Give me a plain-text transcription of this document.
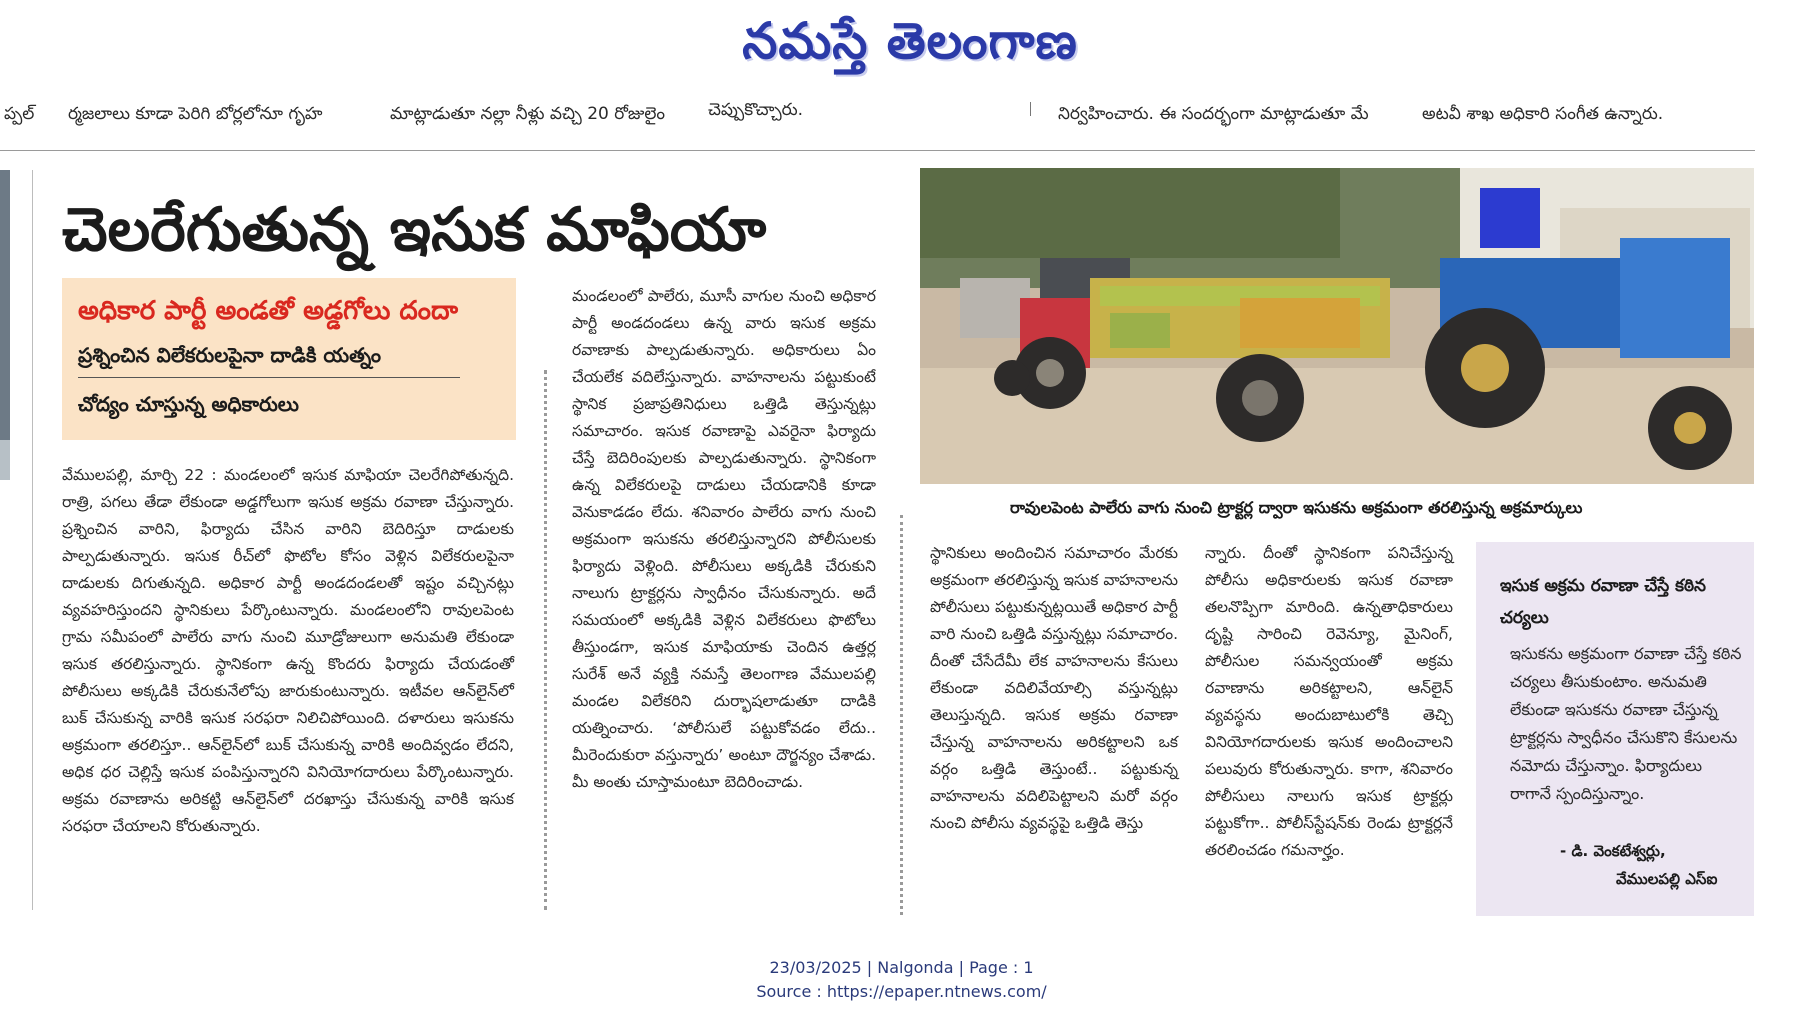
నమస్తే తెలంగాణ
ప్పల్ ర్మజలాలు కూడా పెరిగి బోర్లలోనూ గృహ	మాట్లాడుతూ నల్లా నీళ్లు వచ్చి 20 రోజులైం	చెప్పుకొచ్చారు.	నిర్వహించారు. ఈ సందర్భంగా మాట్లాడుతూ మే	అటవీ శాఖ అధికారి సంగీత ఉన్నారు.
చెలరేగుతున్న ఇసుక మాఫియా
అధికార పార్టీ అండతో అడ్డగోలు దందా
ప్రశ్నించిన విలేకరులపైనా దాడికి యత్నం
చోద్యం చూస్తున్న అధికారులు

వేములపల్లి, మార్చి 22 : మండలంలో ఇసుక మాఫియా చెలరేగిపోతున్నది. రాత్రి, పగలు తేడా లేకుండా అడ్డగోలుగా ఇసుక అక్రమ రవాణా చేస్తున్నారు. ప్రశ్నించిన వారిని, ఫిర్యాదు చేసిన వారిని బెదిరిస్తూ దాడులకు పాల్పడుతున్నారు. ఇసుక రీచ్‌లో ఫొటోల కోసం వెళ్లిన విలేకరులపైనా దాడులకు దిగుతున్నది. అధికార పార్టీ అండదండలతో ఇష్టం వచ్చినట్లు వ్యవహరిస్తుందని స్థానికులు పేర్కొంటున్నారు. మండలంలోని రావులపెంట గ్రామ సమీపంలో పాలేరు వాగు నుంచి మూడ్రోజులుగా అనుమతి లేకుండా ఇసుక తరలిస్తున్నారు. స్థానికంగా ఉన్న కొందరు ఫిర్యాదు చేయడంతో పోలీసులు అక్కడికి చేరుకునేలోపు జారుకుంటున్నారు. ఇటీవల ఆన్‌లైన్‌లో బుక్ చేసుకున్న వారికి ఇసుక సరఫరా నిలిచిపోయింది. దళారులు ఇసుకను అక్రమంగా తరలిస్తూ.. ఆన్‌లైన్‌లో బుక్ చేసుకున్న వారికి అందివ్వడం లేదని, అధిక ధర చెల్లిస్తే ఇసుక పంపిస్తున్నారని వినియోగదారులు పేర్కొంటున్నారు. అక్రమ రవాణాను అరికట్టి ఆన్‌లైన్‌లో దరఖాస్తు చేసుకున్న వారికి ఇసుక సరఫరా చేయాలని కోరుతున్నారు.

మండలంలో పాలేరు, మూసీ వాగుల నుంచి అధికార పార్టీ అండదండలు ఉన్న వారు ఇసుక అక్రమ రవాణాకు పాల్పడుతున్నారు. అధికారులు ఏం చేయలేక వదిలేస్తున్నారు. వాహనాలను పట్టుకుంటే స్థానిక ప్రజాప్రతినిధులు ఒత్తిడి తెస్తున్నట్లు సమాచారం. ఇసుక రవాణాపై ఎవరైనా ఫిర్యాదు చేస్తే బెదిరింపులకు పాల్పడుతున్నారు. స్థానికంగా ఉన్న విలేకరులపై దాడులు చేయడానికి కూడా వెనుకాడడం లేదు. శనివారం పాలేరు వాగు నుంచి అక్రమంగా ఇసుకను తరలిస్తున్నారని పోలీసులకు ఫిర్యాదు వెళ్లింది. పోలీసులు అక్కడికి చేరుకుని నాలుగు ట్రాక్టర్లను స్వాధీనం చేసుకున్నారు. అదే సమయంలో అక్కడికి వెళ్లిన విలేకరులు ఫొటోలు తీస్తుండగా, ఇసుక మాఫియాకు చెందిన ఉత్తర్ల సురేశ్ అనే వ్యక్తి నమస్తే తెలంగాణ వేములపల్లి మండల విలేకరిని దుర్భాషలాడుతూ దాడికి యత్నించారు. ‘పోలీసులే పట్టుకోవడం లేదు.. మీరెందుకురా వస్తున్నారు’ అంటూ దౌర్జన్యం చేశాడు. మీ అంతు చూస్తామంటూ బెదిరించాడు.

స్థానికులు అందించిన సమాచారం మేరకు అక్రమంగా తరలిస్తున్న ఇసుక వాహనాలను పోలీసులు పట్టుకున్నట్లయితే అధికార పార్టీ వారి నుంచి ఒత్తిడి వస్తున్నట్లు సమాచారం. దీంతో చేసేదేమీ లేక వాహనాలను కేసులు లేకుండా వదిలివేయాల్సి వస్తున్నట్లు తెలుస్తున్నది. ఇసుక అక్రమ రవాణా చేస్తున్న వాహనాలను అరికట్టాలని ఒక వర్గం ఒత్తిడి తెస్తుంటే.. పట్టుకున్న వాహనాలను వదిలిపెట్టాలని మరో వర్గం నుంచి పోలీసు వ్యవస్థపై ఒత్తిడి తెస్తు

న్నారు. దీంతో స్థానికంగా పనిచేస్తున్న పోలీసు అధికారులకు ఇసుక రవాణా తలనొప్పిగా మారింది. ఉన్నతాధికారులు దృష్టి సారించి రెవెన్యూ, మైనింగ్, పోలీసుల సమన్వయంతో అక్రమ రవాణాను అరికట్టాలని, ఆన్‌లైన్ వ్యవస్థను అందుబాటులోకి తెచ్చి వినియోగదారులకు ఇసుక అందించాలని పలువురు కోరుతున్నారు. కాగా, శనివారం పోలీసులు నాలుగు ఇసుక ట్రాక్టర్లు పట్టుకోగా.. పోలీస్‌స్టేషన్‌కు రెండు ట్రాక్టర్లనే తరలించడం గమనార్హం.

రావులపెంట పాలేరు వాగు నుంచి ట్రాక్టర్ల ద్వారా ఇసుకను అక్రమంగా తరలిస్తున్న అక్రమార్కులు
ఇసుక అక్రమ రవాణా చేస్తే కఠిన చర్యలు
ఇసుకను అక్రమంగా రవాణా చేస్తే కఠిన చర్యలు తీసుకుంటాం. అనుమతి లేకుండా ఇసుకను రవాణా చేస్తున్న ట్రాక్టర్లను స్వాధీనం చేసుకొని కేసులను నమోదు చేస్తున్నాం. ఫిర్యాదులు రాగానే స్పందిస్తున్నాం.
- డి. వెంకటేశ్వర్లు,
వేములపల్లి ఎస్ఐ
23/03/2025 | Nalgonda | Page : 1
Source : https://epaper.ntnews.com/
